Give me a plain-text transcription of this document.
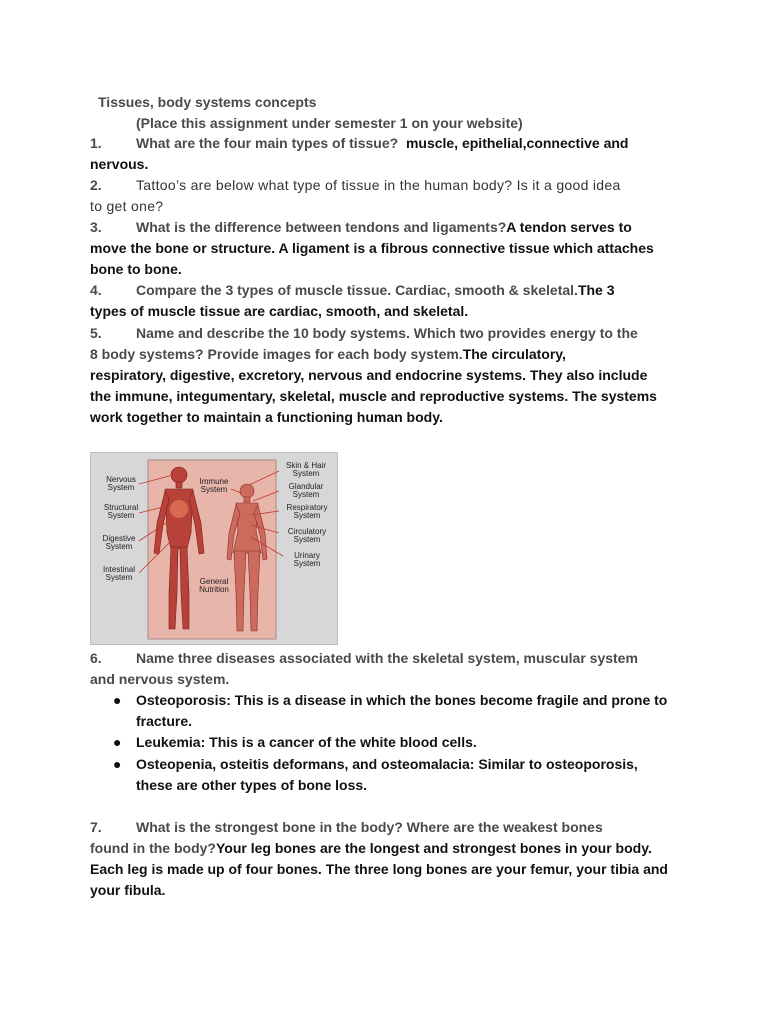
Tissues, body systems concepts
(Place this assignment under semester 1 on your website)
1. What are the four main types of tissue? muscle, epithelial,connective and
nervous.
2. Tattoo’s are below what type of tissue in the human body? Is it a good idea
to get one?
3. What is the difference between tendons and ligaments?A tendon serves to
move the bone or structure. A ligament is a fibrous connective tissue which attaches
bone to bone.
4. Compare the 3 types of muscle tissue. Cardiac, smooth & skeletal.The 3
types of muscle tissue are cardiac, smooth, and skeletal.
5. Name and describe the 10 body systems. Which two provides energy to the
8 body systems? Provide images for each body system.The circulatory,
respiratory, digestive, excretory, nervous and endocrine systems. They also include
the immune, integumentary, skeletal, muscle and reproductive systems. The systems
work together to maintain a functioning human body.
Nervous System
Immune System
Skin & Hair System
Glandular System
Structural System
Respiratory System
Digestive System
Circulatory System
Urinary System
Intestinal System	General Nutrition
6. Name three diseases associated with the skeletal system, muscular system
and nervous system.
● Osteoporosis: This is a disease in which the bones become fragile and prone to
fracture.
● Leukemia: This is a cancer of the white blood cells.
● Osteopenia, osteitis deformans, and osteomalacia: Similar to osteoporosis,
these are other types of bone loss.
7. What is the strongest bone in the body? Where are the weakest bones
found in the body?Your leg bones are the longest and strongest bones in your body.
Each leg is made up of four bones. The three long bones are your femur, your tibia and
your fibula.
